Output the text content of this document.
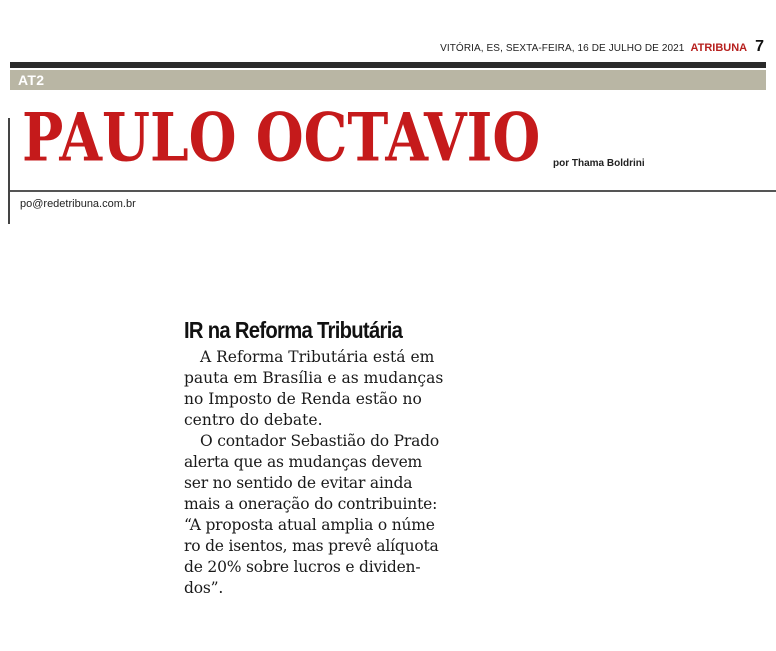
VITÓRIA, ES, SEXTA-FEIRA, 16 DE JULHO DE 2021 ATRIBUNA 7
AT2
PAULO OCTAVIO por Thama Boldrini
po@redetribuna.com.br
IR na Reforma Tributária

A Reforma Tributária está em
pauta em Brasília e as mudanças
no Imposto de Renda estão no
centro do debate.

O contador Sebastião do Prado
alerta que as mudanças devem
ser no sentido de evitar ainda
mais a oneração do contribuinte:
“A proposta atual amplia o núme
ro de isentos, mas prevê alíquota
de 20% sobre lucros e dividen-
dos”.
